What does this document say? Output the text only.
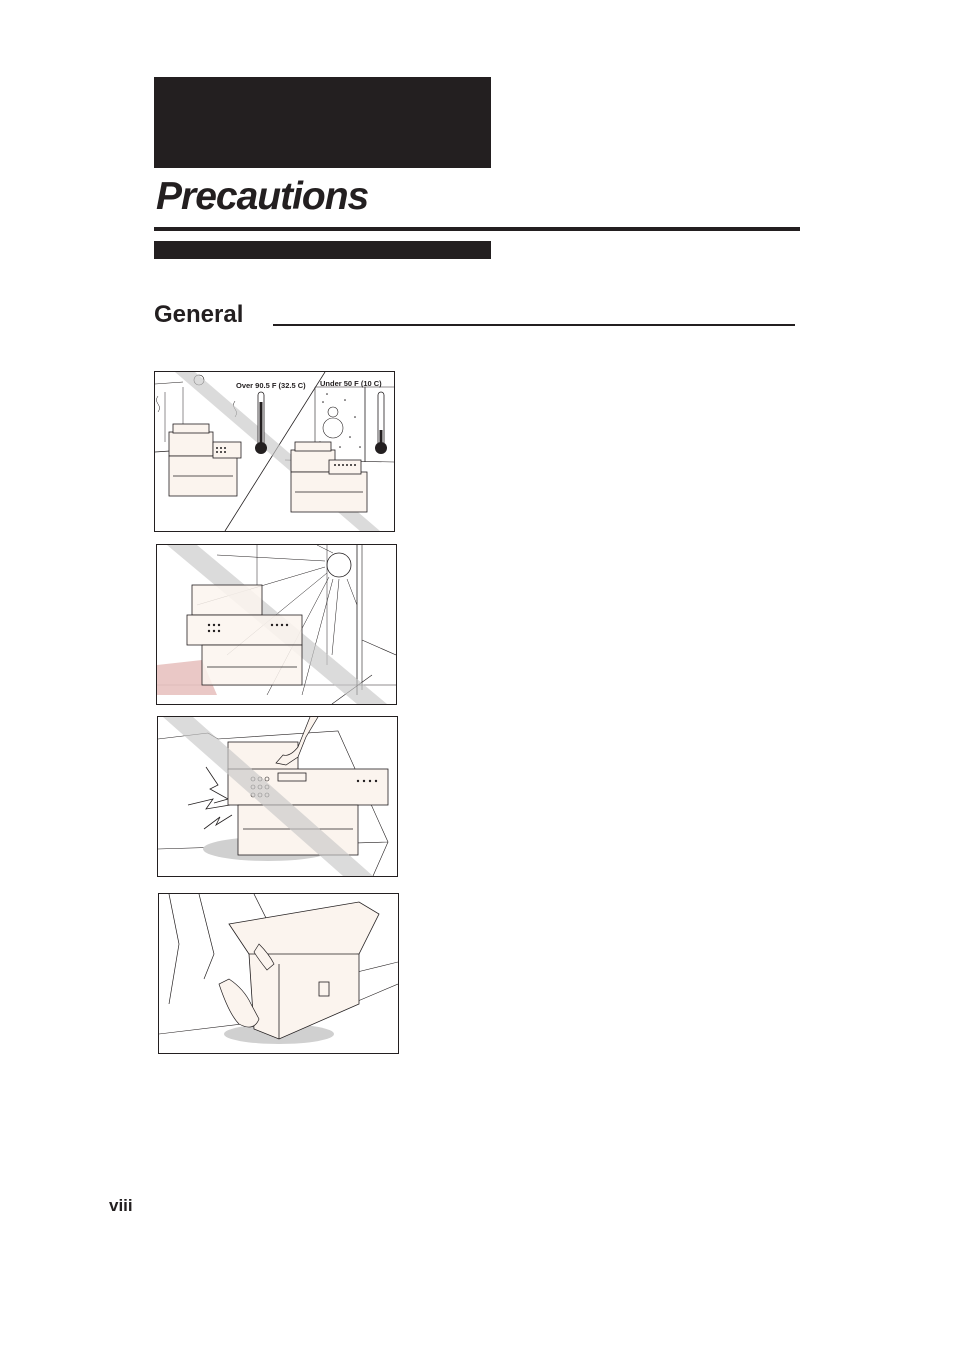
Precautions
General
Over 90.5 F (32.5 C) Under 50 F (10 C)
viii
